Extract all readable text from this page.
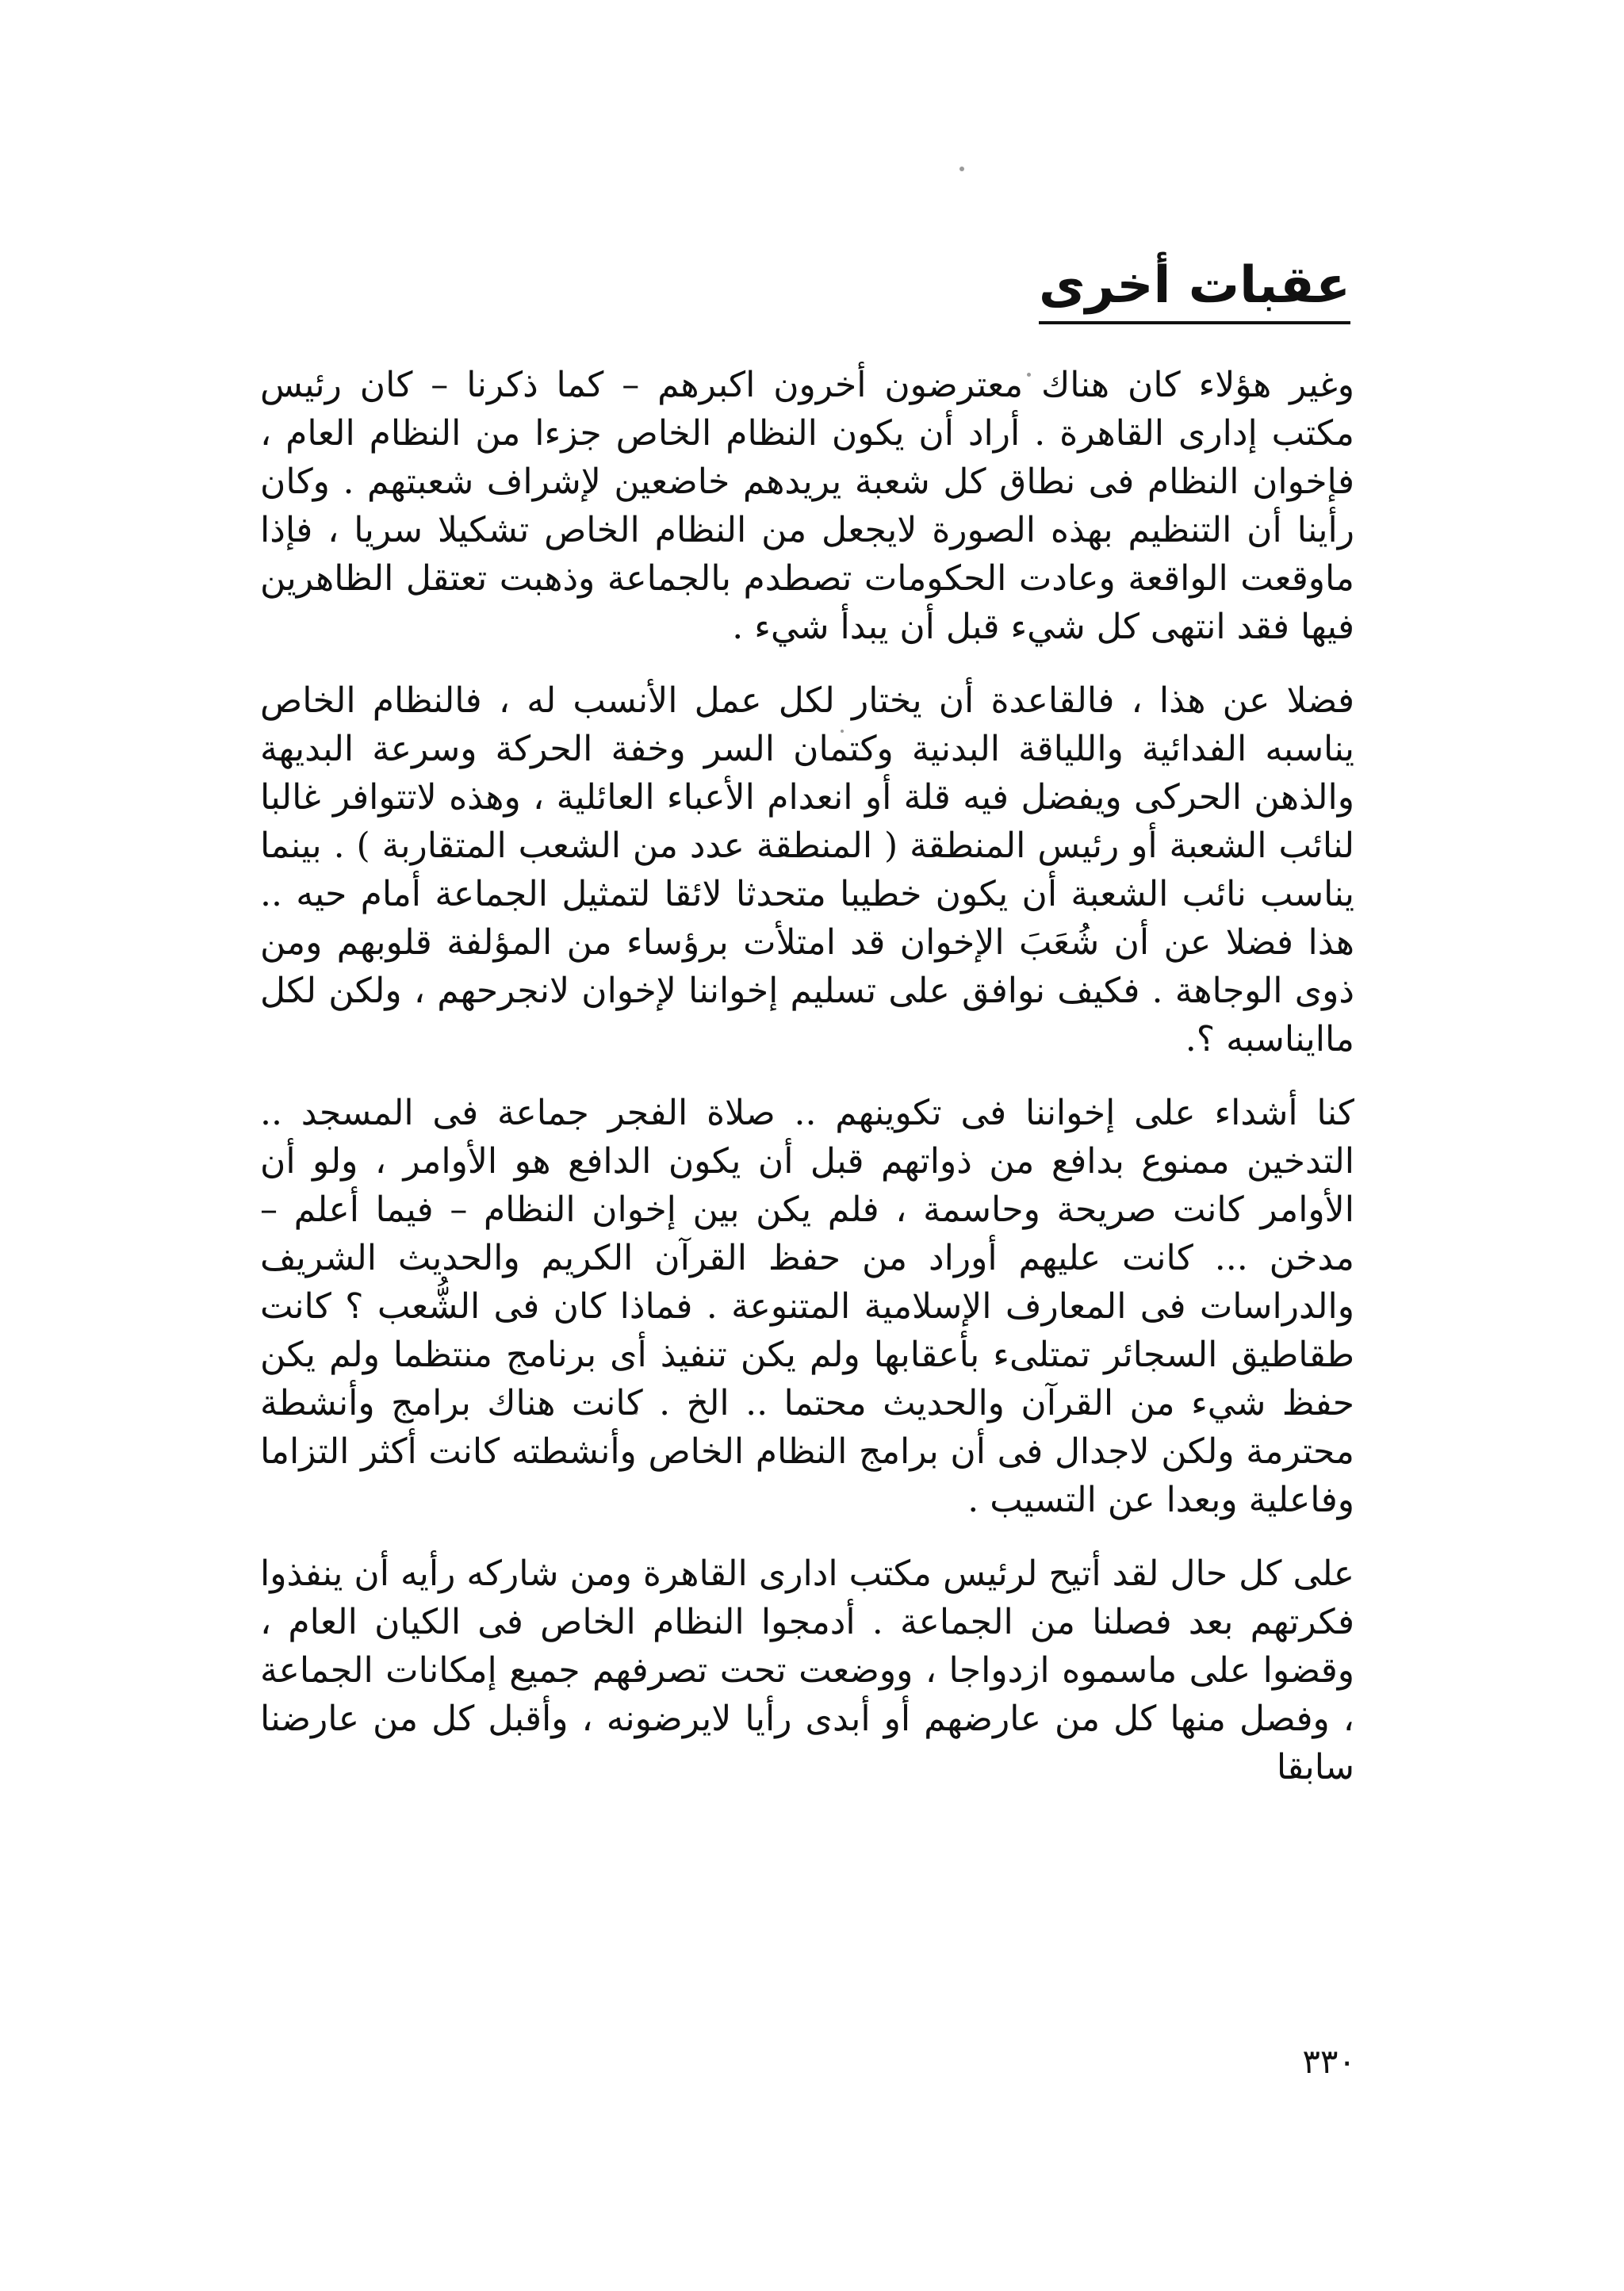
عقبات أخرى

وغير هؤلاء كان هناك معترضون أخرون اكبرهم – كما ذكرنا – كان رئيس مكتب إدارى القاهرة . أراد أن يكون النظام الخاص جزءا من النظام العام ، فإخوان النظام فى نطاق كل شعبة يريدهم خاضعين لإشراف شعبتهم . وكان رأينا أن التنظيم بهذه الصورة لايجعل من النظام الخاص تشكيلا سريا ، فإذا ماوقعت الواقعة وعادت الحكومات تصطدم بالجماعة وذهبت تعتقل الظاهرين فيها فقد انتهى كل شيء قبل أن يبدأ شيء .

فضلا عن هذا ، فالقاعدة أن يختار لكل عمل الأنسب له ، فالنظام الخاص يناسبه الفدائية واللياقة البدنية وكتمان السر وخفة الحركة وسرعة البديهة والذهن الحركى ويفضل فيه قلة أو انعدام الأعباء العائلية ، وهذه لاتتوافر غالبا لنائب الشعبة أو رئيس المنطقة ( المنطقة عدد من الشعب المتقاربة ) . بينما يناسب نائب الشعبة أن يكون خطيبا متحدثا لائقا لتمثيل الجماعة أمام حيه .. هذا فضلا عن أن شُعَبَ الإخوان قد امتلأت برؤساء من المؤلفة قلوبهم ومن ذوى الوجاهة . فكيف نوافق على تسليم إخواننا لإخوان لانجرحهم ، ولكن لكل ماايناسبه ؟.

كنا أشداء على إخواننا فى تكوينهم .. صلاة الفجر جماعة فى المسجد .. التدخين ممنوع بدافع من ذواتهم قبل أن يكون الدافع هو الأوامر ، ولو أن الأوامر كانت صريحة وحاسمة ، فلم يكن بين إخوان النظام – فيما أعلم – مدخن ... كانت عليهم أوراد من حفظ القرآن الكريم والحديث الشريف والدراسات فى المعارف الإسلامية المتنوعة . فماذا كان فى الشُّعب ؟ كانت طقاطيق السجائر تمتلىء بأعقابها ولم يكن تنفيذ أى برنامج منتظما ولم يكن حفظ شيء من القرآن والحديث محتما .. الخ . كانت هناك برامج وأنشطة محترمة ولكن لاجدال فى أن برامج النظام الخاص وأنشطته كانت أكثر التزاما وفاعلية وبعدا عن التسيب .

على كل حال لقد أتيح لرئيس مكتب ادارى القاهرة ومن شاركه رأيه أن ينفذوا فكرتهم بعد فصلنا من الجماعة . أدمجوا النظام الخاص فى الكيان العام ، وقضوا على ماسموه ازدواجا ، ووضعت تحت تصرفهم جميع إمكانات الجماعة ، وفصل منها كل من عارضهم أو أبدى رأيا لايرضونه ، وأقبل كل من عارضنا سابقا

٣٣٠
